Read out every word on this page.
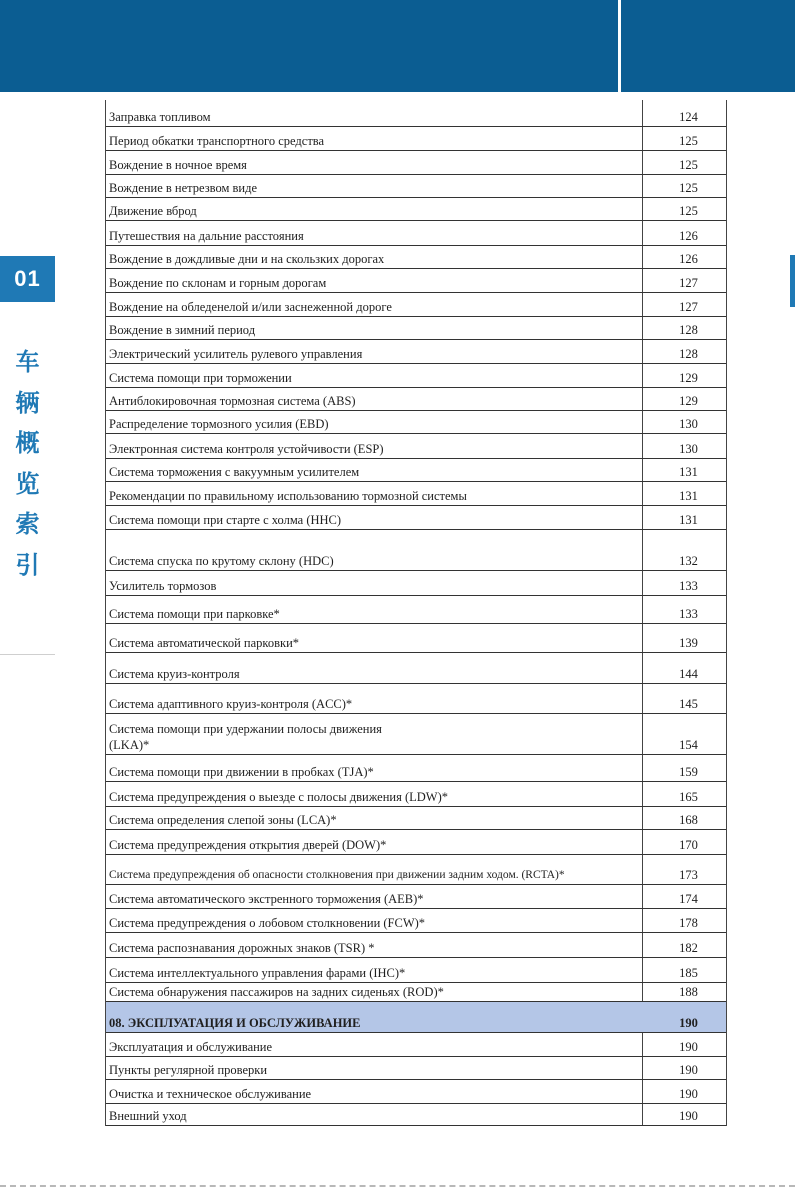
01
车
辆
概
览
索
引
Заправка топливом	124
Период обкатки транспортного средства	125
Вождение в ночное время	125
Вождение в нетрезвом виде	125
Движение вброд	125
Путешествия на дальние расстояния	126
Вождение в дождливые дни и на скользких дорогах	126
Вождение по склонам и горным дорогам	127
Вождение на обледенелой и/или заснеженной дороге	127
Вождение в зимний период	128
Электрический усилитель рулевого управления	128
Система помощи при торможении	129
Антиблокировочная тормозная система (ABS)	129
Распределение тормозного усилия (EBD)	130
Электронная система контроля устойчивости (ESP)	130
Система торможения с вакуумным усилителем	131
Рекомендации по правильному использованию тормозной системы	131
Система помощи при старте с холма (HHC)	131
Система спуска по крутому склону (HDC)	132
Усилитель тормозов	133
Система помощи при парковке*	133
Система автоматической парковки*	139
Система круиз-контроля	144
Система адаптивного круиз-контроля (ACC)*	145
Система помощи при удержании полосы движения (LKA)*	154
Система помощи при движении в пробках (TJA)*	159
Система предупреждения о выезде с полосы движения (LDW)*	165
Система определения слепой зоны (LCA)*	168
Система предупреждения открытия дверей (DOW)*	170
Система предупреждения об опасности столкновения при движении задним ходом. (RCTA)*	173
Система автоматического экстренного торможения (AEB)*	174
Система предупреждения о лобовом столкновении (FCW)*	178
Система распознавания дорожных знаков (TSR) *	182
Система интеллектуального управления фарами (IHC)*	185
Система обнаружения пассажиров на задних сиденьях (ROD)*	188
08. ЭКСПЛУАТАЦИЯ И ОБСЛУЖИВАНИЕ	190
Эксплуатация и обслуживание	190
Пункты регулярной проверки	190
Очистка и техническое обслуживание	190
Внешний уход	190
